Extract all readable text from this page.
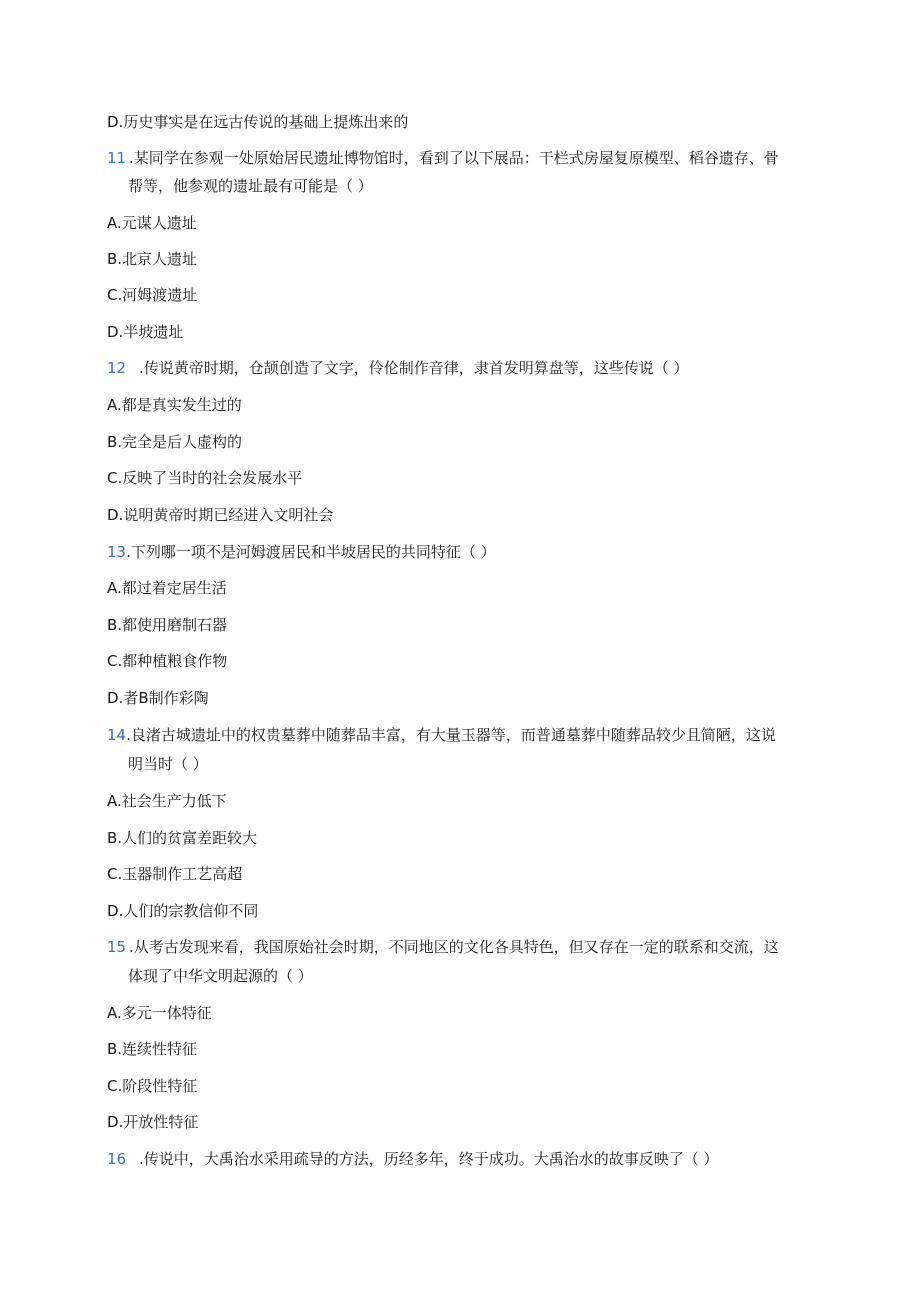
D.历史事实是在远古传说的基础上提炼出来的
11 .某同学在参观一处原始居民遗址博物馆时，看到了以下展品：干栏式房屋复原模型、稻谷遗存、骨
帮等，他参观的遗址最有可能是（ ）
A.元谋人遗址
B.北京人遗址
C.河姆渡遗址
D.半坡遗址
12 .传说黄帝时期，仓颉创造了文字，伶伦制作音律，隶首发明算盘等，这些传说（ ）
A.都是真实发生过的
B.完全是后人虚构的
C.反映了当时的社会发展水平
D.说明黄帝时期已经进入文明社会
13.下列哪一项不是河姆渡居民和半坡居民的共同特征（ ）
A.都过着定居生活
B.都使用磨制石器
C.都种植粮食作物
D.者B制作彩陶
14.良渚古城遗址中的权贵墓葬中随葬品丰富，有大量玉器等，而普通墓葬中随葬品较少且简陋，这说
明当时（ ）
A.社会生产力低下
B.人们的贫富差距较大
C.玉器制作工艺高超
D.人们的宗教信仰不同
15 .从考古发现来看，我国原始社会时期，不同地区的文化各具特色，但又存在一定的联系和交流，这
体现了中华文明起源的（ ）
A.多元一体特征
B.连续性特征
C.阶段性特征
D.开放性特征
16 .传说中，大禹治水采用疏导的方法，历经多年，终于成功。大禹治水的故事反映了（ ）
